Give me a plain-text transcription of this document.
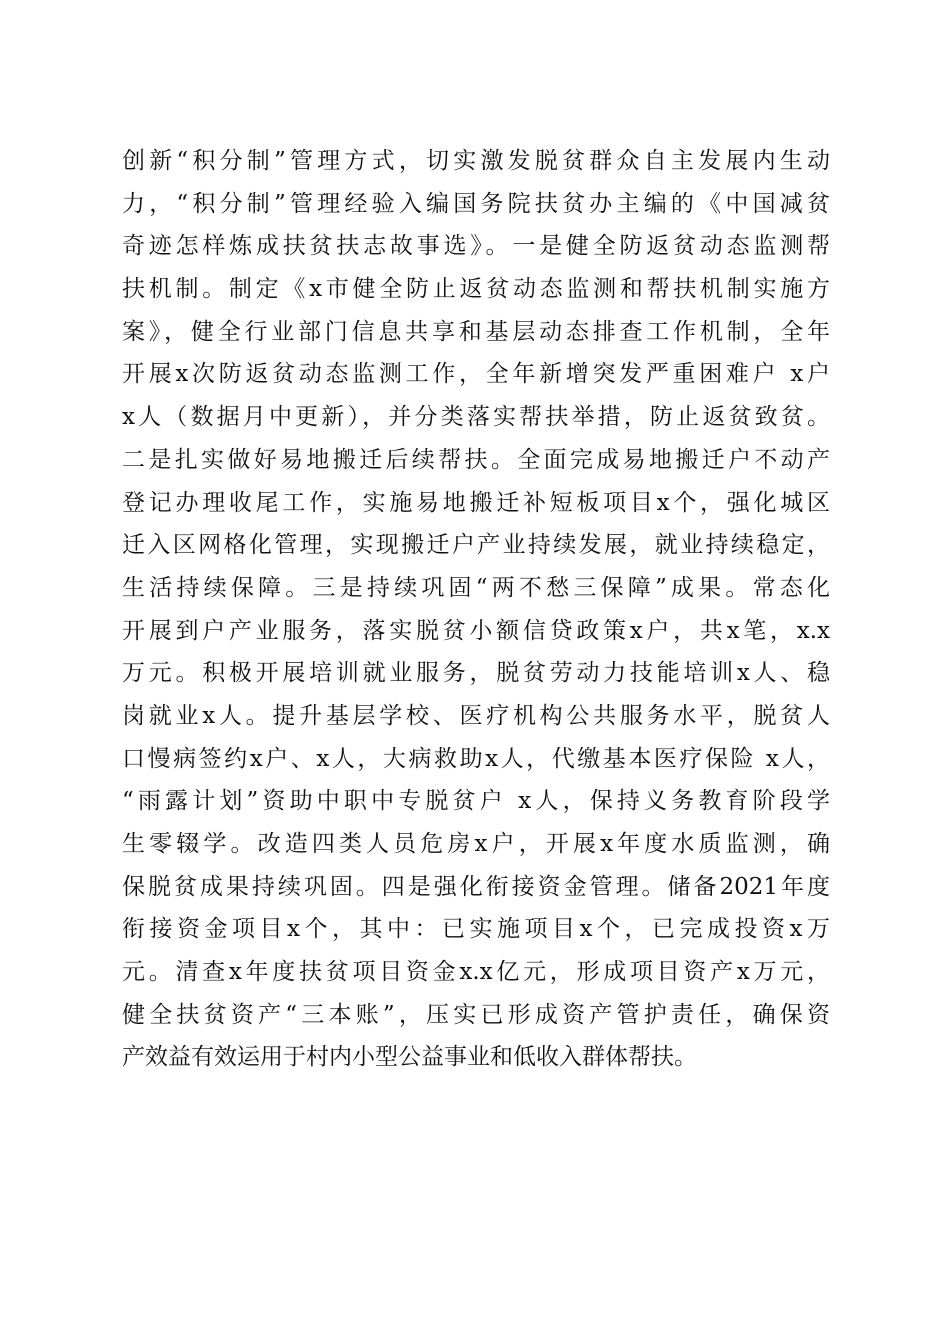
创新“积分制”管理方式，切实激发脱贫群众自主发展内生动
力，“积分制”管理经验入编国务院扶贫办主编的《中国减贫
奇迹怎样炼成扶贫扶志故事选》。一是健全防返贫动态监测帮
扶机制。制定《x市健全防止返贫动态监测和帮扶机制实施方
案》，健全行业部门信息共享和基层动态排查工作机制，全年
开展x次防返贫动态监测工作，全年新增突发严重困难户 x户
x人（数据月中更新），并分类落实帮扶举措，防止返贫致贫。
二是扎实做好易地搬迁后续帮扶。全面完成易地搬迁户不动产
登记办理收尾工作，实施易地搬迁补短板项目x个，强化城区
迁入区网格化管理，实现搬迁户产业持续发展，就业持续稳定，
生活持续保障。三是持续巩固“两不愁三保障”成果。常态化
开展到户产业服务，落实脱贫小额信贷政策x户，共x笔，x.x
万元。积极开展培训就业服务，脱贫劳动力技能培训x人、稳
岗就业x人。提升基层学校、医疗机构公共服务水平，脱贫人
口慢病签约x户、x人，大病救助x人，代缴基本医疗保险 x人，
“雨露计划”资助中职中专脱贫户 x人，保持义务教育阶段学
生零辍学。改造四类人员危房x户，开展x年度水质监测，确
保脱贫成果持续巩固。四是强化衔接资金管理。储备2021年度
衔接资金项目x个，其中：已实施项目x个，已完成投资x万
元。清查x年度扶贫项目资金x.x亿元，形成项目资产x万元，
健全扶贫资产“三本账”，压实已形成资产管护责任，确保资
产效益有效运用于村内小型公益事业和低收入群体帮扶。
